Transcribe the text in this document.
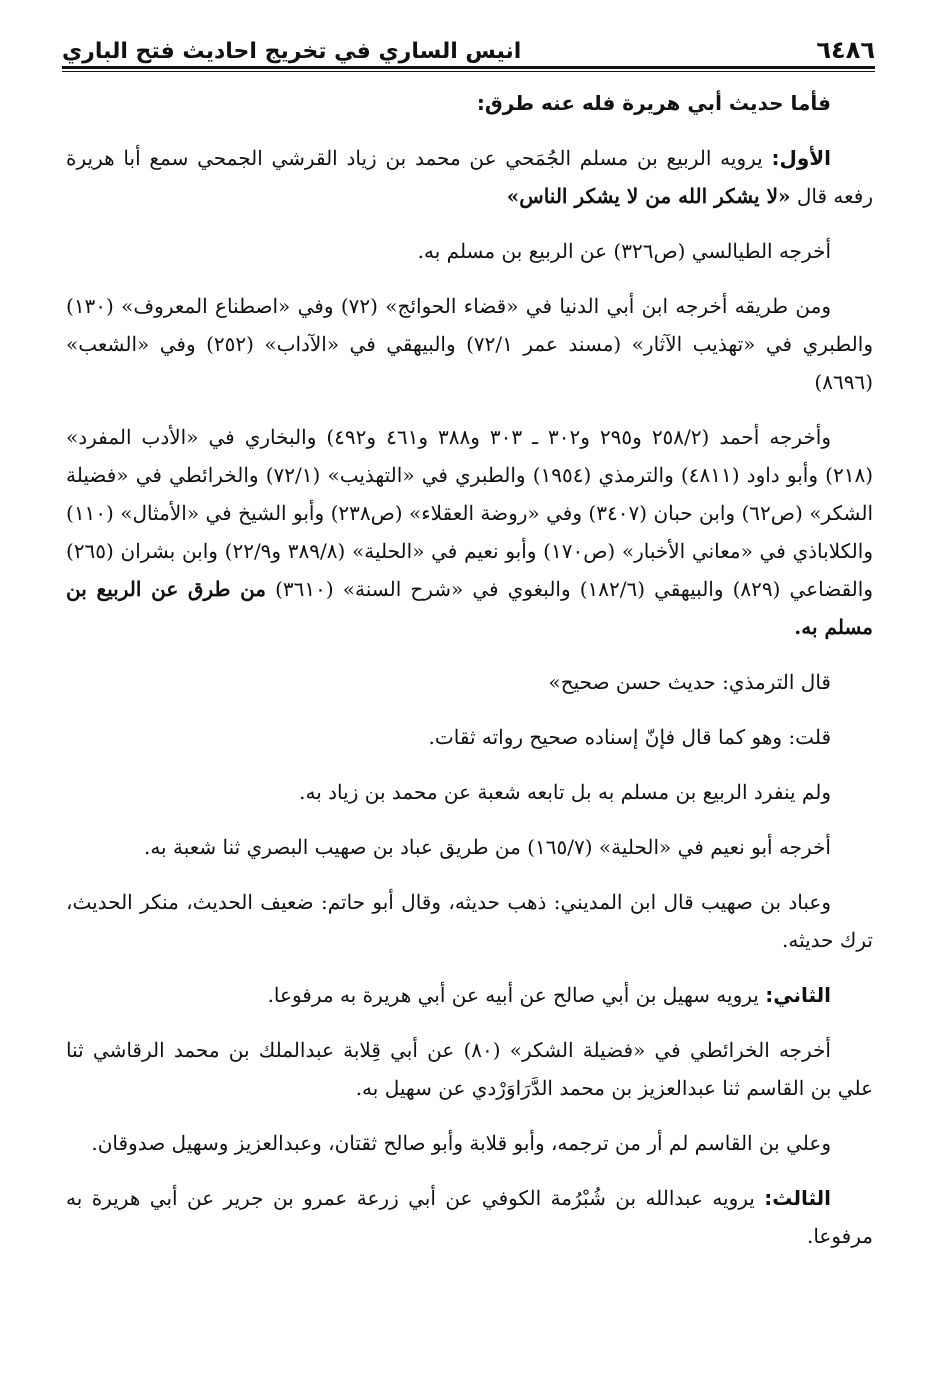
٦٤٨٦
انيس الساري في تخريج احاديث فتح الباري

فأما حديث أبي هريرة فله عنه طرق:

الأول: يرويه الربيع بن مسلم الجُمَحي عن محمد بن زياد القرشي الجمحي سمع أبا هريرة رفعه قال «لا يشكر الله من لا يشكر الناس»

أخرجه الطيالسي (ص٣٢٦) عن الربيع بن مسلم به.

ومن طريقه أخرجه ابن أبي الدنيا في «قضاء الحوائج» (٧٢) وفي «اصطناع المعروف» (١٣٠) والطبري في «تهذيب الآثار» (مسند عمر ٧٢/١) والبيهقي في «الآداب» (٢٥٢) وفي «الشعب» (٨٦٩٦)

وأخرجه أحمد (٢٥٨/٢ و٢٩٥ و٣٠٢ ـ ٣٠٣ و٣٨٨ و٤٦١ و٤٩٢) والبخاري في «الأدب المفرد» (٢١٨) وأبو داود (٤٨١١) والترمذي (١٩٥٤) والطبري في «التهذيب» (٧٢/١) والخرائطي في «فضيلة الشكر» (ص٦٢) وابن حبان (٣٤٠٧) وفي «روضة العقلاء» (ص٢٣٨) وأبو الشيخ في «الأمثال» (١١٠) والكلاباذي في «معاني الأخبار» (ص١٧٠) وأبو نعيم في «الحلية» (٣٨٩/٨ و٢٢/٩) وابن بشران (٢٦٥) والقضاعي (٨٢٩) والبيهقي (١٨٢/٦) والبغوي في «شرح السنة» (٣٦١٠) من طرق عن الربيع بن مسلم به.

قال الترمذي: حديث حسن صحيح»

قلت: وهو كما قال فإنّ إسناده صحيح رواته ثقات.

ولم ينفرد الربيع بن مسلم به بل تابعه شعبة عن محمد بن زياد به.

أخرجه أبو نعيم في «الحلية» (١٦٥/٧) من طريق عباد بن صهيب البصري ثنا شعبة به.

وعباد بن صهيب قال ابن المديني: ذهب حديثه، وقال أبو حاتم: ضعيف الحديث، منكر الحديث، ترك حديثه.

الثاني: يرويه سهيل بن أبي صالح عن أبيه عن أبي هريرة به مرفوعا.

أخرجه الخرائطي في «فضيلة الشكر» (٨٠) عن أبي قِلابة عبدالملك بن محمد الرقاشي ثنا علي بن القاسم ثنا عبدالعزيز بن محمد الدَّرَاوَرْدي عن سهيل به.

وعلي بن القاسم لم أر من ترجمه، وأبو قلابة وأبو صالح ثقتان، وعبدالعزيز وسهيل صدوقان.

الثالث: يرويه عبدالله بن شُبْرُمة الكوفي عن أبي زرعة عمرو بن جرير عن أبي هريرة به مرفوعا.
